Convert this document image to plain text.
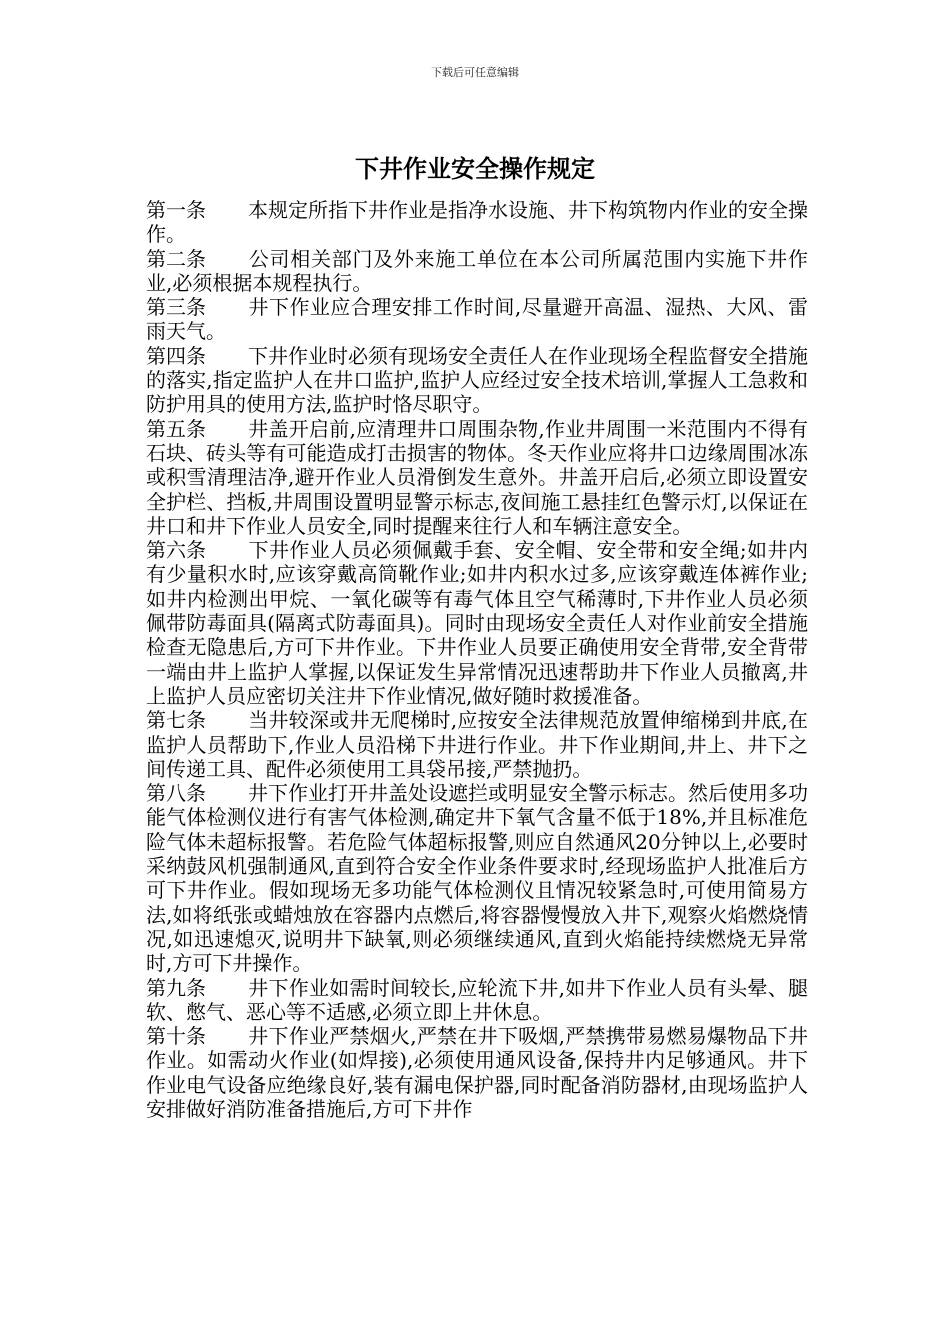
下载后可任意编辑
下井作业安全操作规定

第一条 本规定所指下井作业是指净水设施、井下构筑物内作业的安全操作。

第二条 公司相关部门及外来施工单位在本公司所属范围内实施下井作业,必须根据本规程执行。

第三条 井下作业应合理安排工作时间,尽量避开高温、湿热、大风、雷雨天气。

第四条 下井作业时必须有现场安全责任人在作业现场全程监督安全措施的落实,指定监护人在井口监护,监护人应经过安全技术培训,掌握人工急救和防护用具的使用方法,监护时恪尽职守。

第五条 井盖开启前,应清理井口周围杂物,作业井周围一米范围内不得有石块、砖头等有可能造成打击损害的物体。冬天作业应将井口边缘周围冰冻或积雪清理洁净,避开作业人员滑倒发生意外。井盖开启后,必须立即设置安全护栏、挡板,井周围设置明显警示标志,夜间施工悬挂红色警示灯,以保证在井口和井下作业人员安全,同时提醒来往行人和车辆注意安全。

第六条 下井作业人员必须佩戴手套、安全帽、安全带和安全绳;如井内有少量积水时,应该穿戴高筒靴作业;如井内积水过多,应该穿戴连体裤作业;如井内检测出甲烷、一氧化碳等有毒气体且空气稀薄时,下井作业人员必须佩带防毒面具(隔离式防毒面具)。同时由现场安全责任人对作业前安全措施检查无隐患后,方可下井作业。下井作业人员要正确使用安全背带,安全背带一端由井上监护人掌握,以保证发生异常情况迅速帮助井下作业人员撤离,井上监护人员应密切关注井下作业情况,做好随时救援准备。

第七条 当井较深或井无爬梯时,应按安全法律规范放置伸缩梯到井底,在监护人员帮助下,作业人员沿梯下井进行作业。井下作业期间,井上、井下之间传递工具、配件必须使用工具袋吊接,严禁抛扔。

第八条 井下作业打开井盖处设遮拦或明显安全警示标志。然后使用多功能气体检测仪进行有害气体检测,确定井下氧气含量不低于18%,并且标准危险气体未超标报警。若危险气体超标报警,则应自然通风20分钟以上,必要时采纳鼓风机强制通风,直到符合安全作业条件要求时,经现场监护人批准后方可下井作业。假如现场无多功能气体检测仪且情况较紧急时,可使用简易方法,如将纸张或蜡烛放在容器内点燃后,将容器慢慢放入井下,观察火焰燃烧情况,如迅速熄灭,说明井下缺氧,则必须继续通风,直到火焰能持续燃烧无异常时,方可下井操作。

第九条 井下作业如需时间较长,应轮流下井,如井下作业人员有头晕、腿软、憋气、恶心等不适感,必须立即上井休息。

第十条 井下作业严禁烟火,严禁在井下吸烟,严禁携带易燃易爆物品下井作业。如需动火作业(如焊接),必须使用通风设备,保持井内足够通风。井下作业电气设备应绝缘良好,装有漏电保护器,同时配备消防器材,由现场监护人安排做好消防准备措施后,方可下井作
